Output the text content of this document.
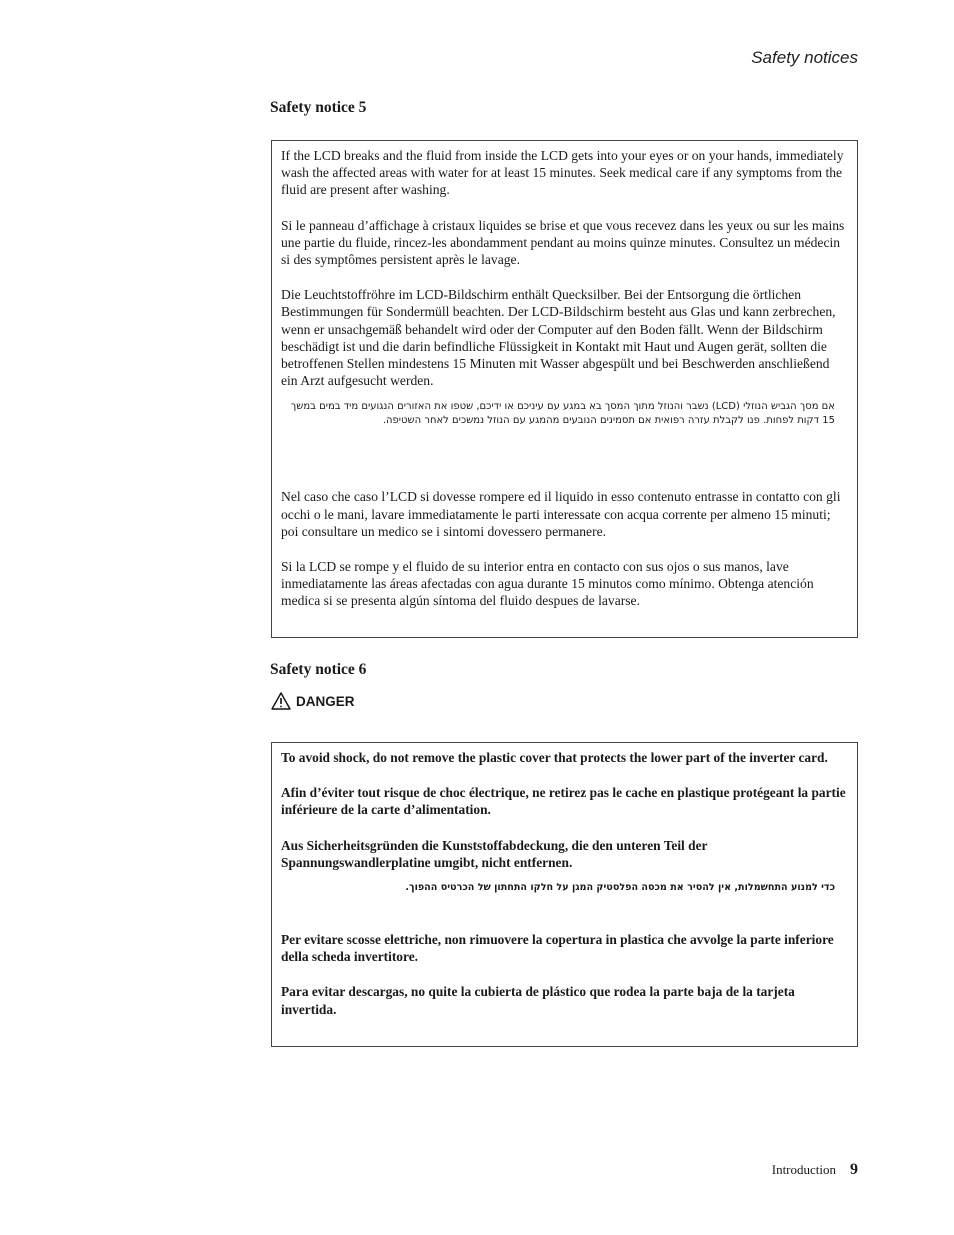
Safety notices
Safety notice 5

If the LCD breaks and the fluid from inside the LCD gets into your eyes or on your hands, immediately wash the affected areas with water for at least 15 minutes. Seek medical care if any symptoms from the fluid are present after washing.

Si le panneau d’affichage à cristaux liquides se brise et que vous recevez dans les yeux ou sur les mains une partie du fluide, rincez-les abondamment pendant au moins quinze minutes. Consultez un médecin si des symptômes persistent après le lavage.

Die Leuchtstoffröhre im LCD-Bildschirm enthält Quecksilber. Bei der Entsorgung die örtlichen Bestimmungen für Sondermüll beachten. Der LCD-Bildschirm besteht aus Glas und kann zerbrechen, wenn er unsachgemäß behandelt wird oder der Computer auf den Boden fällt. Wenn der Bildschirm beschädigt ist und die darin befindliche Flüssigkeit in Kontakt mit Haut und Augen gerät, sollten die betroffenen Stellen mindestens 15 Minuten mit Wasser abgespült und bei Beschwerden anschließend ein Arzt aufgesucht werden.

אם מסך הגביש הנוזלי (LCD) נשבר והנוזל מתוך המסך בא במגע עם עיניכם או ידיכם, שטפו את האזורים הנגועים מיד במים במשך 15 דקות לפחות. פנו לקבלת עזרה רפואית אם תסמינים הנובעים מהמגע עם הנוזל נמשכים לאחר השטיפה.

Nel caso che caso l’LCD si dovesse rompere ed il liquido in esso contenuto entrasse in contatto con gli occhi o le mani, lavare immediatamente le parti interessate con acqua corrente per almeno 15 minuti; poi consultare un medico se i sintomi dovessero permanere.

Si la LCD se rompe y el fluido de su interior entra en contacto con sus ojos o sus manos, lave inmediatamente las áreas afectadas con agua durante 15 minutos como mínimo. Obtenga atención medica si se presenta algún síntoma del fluido despues de lavarse.

Safety notice 6
DANGER

To avoid shock, do not remove the plastic cover that protects the lower part of the inverter card.

Afin d’éviter tout risque de choc électrique, ne retirez pas le cache en plastique protégeant la partie inférieure de la carte d’alimentation.

Aus Sicherheitsgründen die Kunststoffabdeckung, die den unteren Teil der Spannungswandlerplatine umgibt, nicht entfernen.

כדי למנוע התחשמלות, אין להסיר את מכסה הפלסטיק המגן על חלקו התחתון של הכרטיס ההפוך.

Per evitare scosse elettriche, non rimuovere la copertura in plastica che avvolge la parte inferiore della scheda invertitore.

Para evitar descargas, no quite la cubierta de plástico que rodea la parte baja de la tarjeta invertida.

Introduction 9
